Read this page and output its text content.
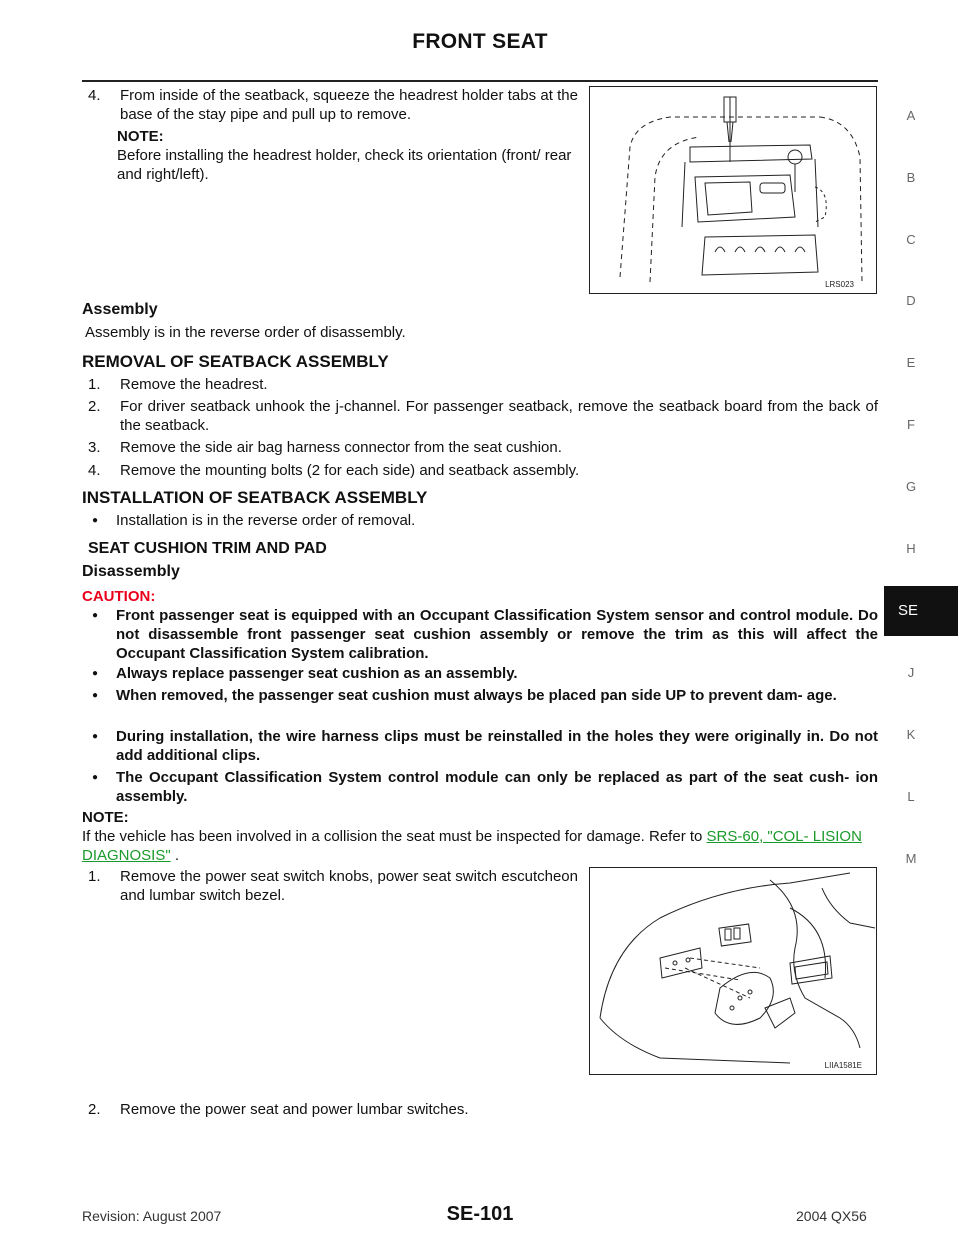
FRONT SEAT
4. From inside of the seatback, squeeze the headrest holder tabs at the base of the stay pipe and pull up to remove.
NOTE:
Before installing the headrest holder, check its orientation (front/ rear and right/left).
LRS023
Assembly
Assembly is in the reverse order of disassembly.
REMOVAL OF SEATBACK ASSEMBLY
1. Remove the headrest.
2. For driver seatback unhook the j-channel. For passenger seatback, remove the seatback board from the back of the seatback.
3. Remove the side air bag harness connector from the seat cushion.
4. Remove the mounting bolts (2 for each side) and seatback assembly.
INSTALLATION OF SEATBACK ASSEMBLY
● Installation is in the reverse order of removal.
SEAT CUSHION TRIM AND PAD
Disassembly
CAUTION:
● Front passenger seat is equipped with an Occupant Classification System sensor and control module. Do not disassemble front passenger seat cushion assembly or remove the trim as this will affect the Occupant Classification System calibration.
● Always replace passenger seat cushion as an assembly.
● When removed, the passenger seat cushion must always be placed pan side UP to prevent dam- age.
● During installation, the wire harness clips must be reinstalled in the holes they were originally in. Do not add additional clips.
● The Occupant Classification System control module can only be replaced as part of the seat cush- ion assembly.
NOTE:
If the vehicle has been involved in a collision the seat must be inspected for damage. Refer to SRS-60, "COL- LISION DIAGNOSIS" .
1. Remove the power seat switch knobs, power seat switch escutcheon and lumbar switch bezel.
LIIA1581E
2. Remove the power seat and power lumbar switches.
A
B
C
D
E
F
G
H
J
K
L
M
SE
Revision: August 2007	SE-101	2004 QX56
